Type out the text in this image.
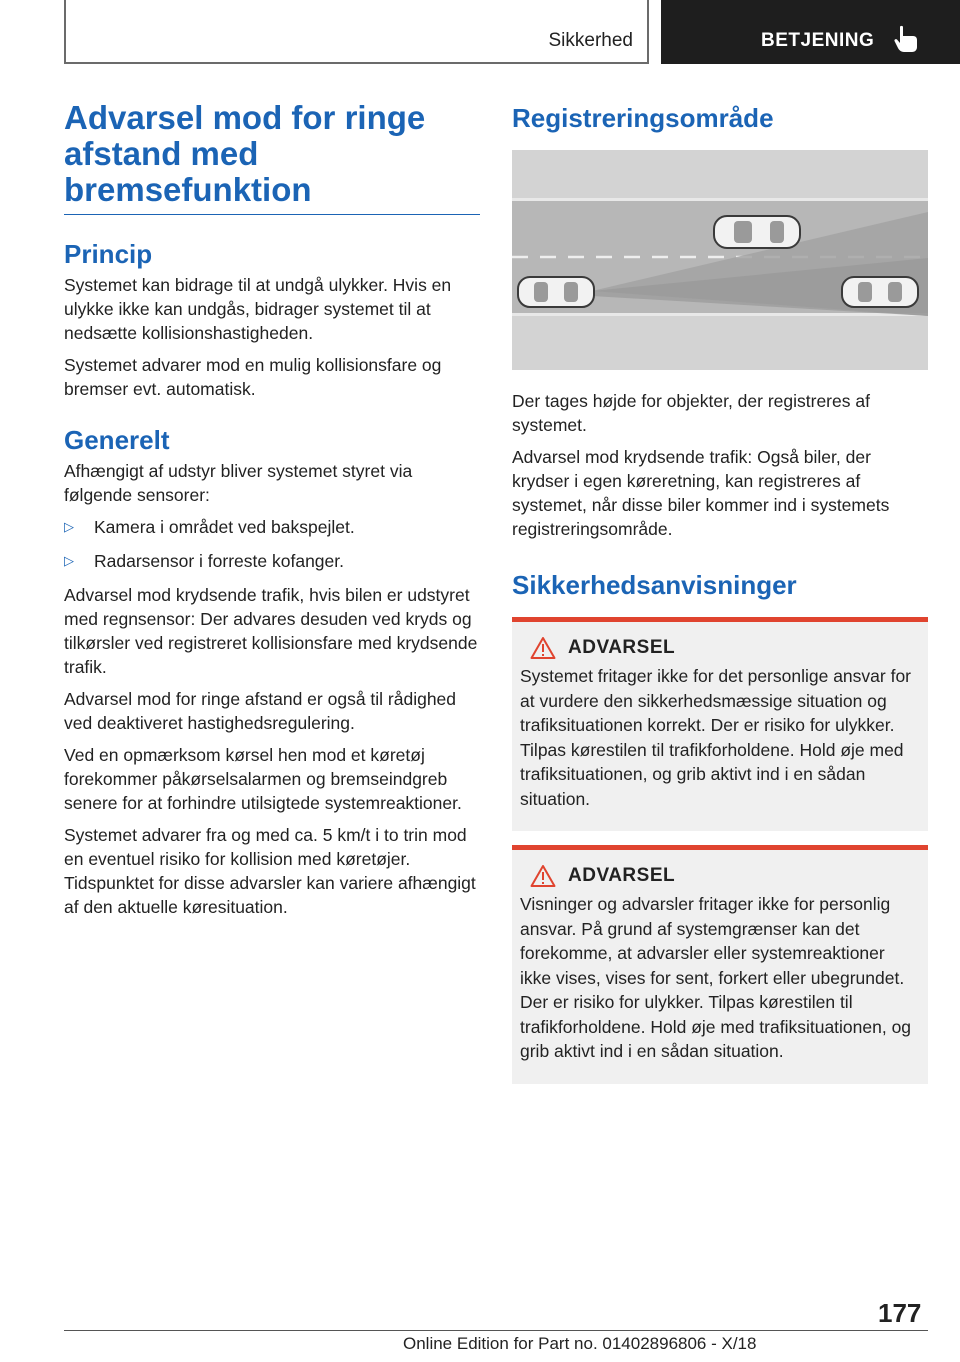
Sikkerhed	BETJENING
Advarsel mod for ringe afstand med bremsefunktion
Princip

Systemet kan bidrage til at undgå ulykker. Hvis en ulykke ikke kan undgås, bidrager systemet til at nedsætte kollisionshastigheden.

Systemet advarer mod en mulig kollisionsfare og bremser evt. automatisk.

Generelt

Afhængigt af udstyr bliver systemet styret via følgende sensorer:

▷	Kamera i området ved bakspejlet.
▷	Radarsensor i forreste kofanger.

Advarsel mod krydsende trafik, hvis bilen er udstyret med regnsensor: Der advares desuden ved kryds og tilkørsler ved registreret kollisionsfare med krydsende trafik.

Advarsel mod for ringe afstand er også til rådighed ved deaktiveret hastighedsregulering.

Ved en opmærksom kørsel hen mod et køretøj forekommer påkørselsalarmen og bremseindgreb senere for at forhindre utilsigtede systemreaktioner.

Systemet advarer fra og med ca. 5 km/t i to trin mod en eventuel risiko for kollision med køretøjer. Tidspunktet for disse advarsler kan variere afhængigt af den aktuelle køresituation.

Registreringsområde

Der tages højde for objekter, der registreres af systemet.

Advarsel mod krydsende trafik: Også biler, der krydser i egen køreretning, kan registreres af systemet, når disse biler kommer ind i systemets registreringsområde.

Sikkerhedsanvisninger
ADVARSEL

Systemet fritager ikke for det personlige ansvar for at vurdere den sikkerhedsmæssige situation og trafiksituationen korrekt. Der er risiko for ulykker. Tilpas kørestilen til trafikforholdene. Hold øje med trafiksituationen, og grib aktivt ind i en sådan situation.

ADVARSEL

Visninger og advarsler fritager ikke for personlig ansvar. På grund af systemgrænser kan det forekomme, at advarsler eller systemreaktioner ikke vises, vises for sent, forkert eller ubegrundet. Der er risiko for ulykker. Tilpas kørestilen til trafikforholdene. Hold øje med trafiksituationen, og grib aktivt ind i en sådan situation.

177
Online Edition for Part no. 01402896806 - X/18
